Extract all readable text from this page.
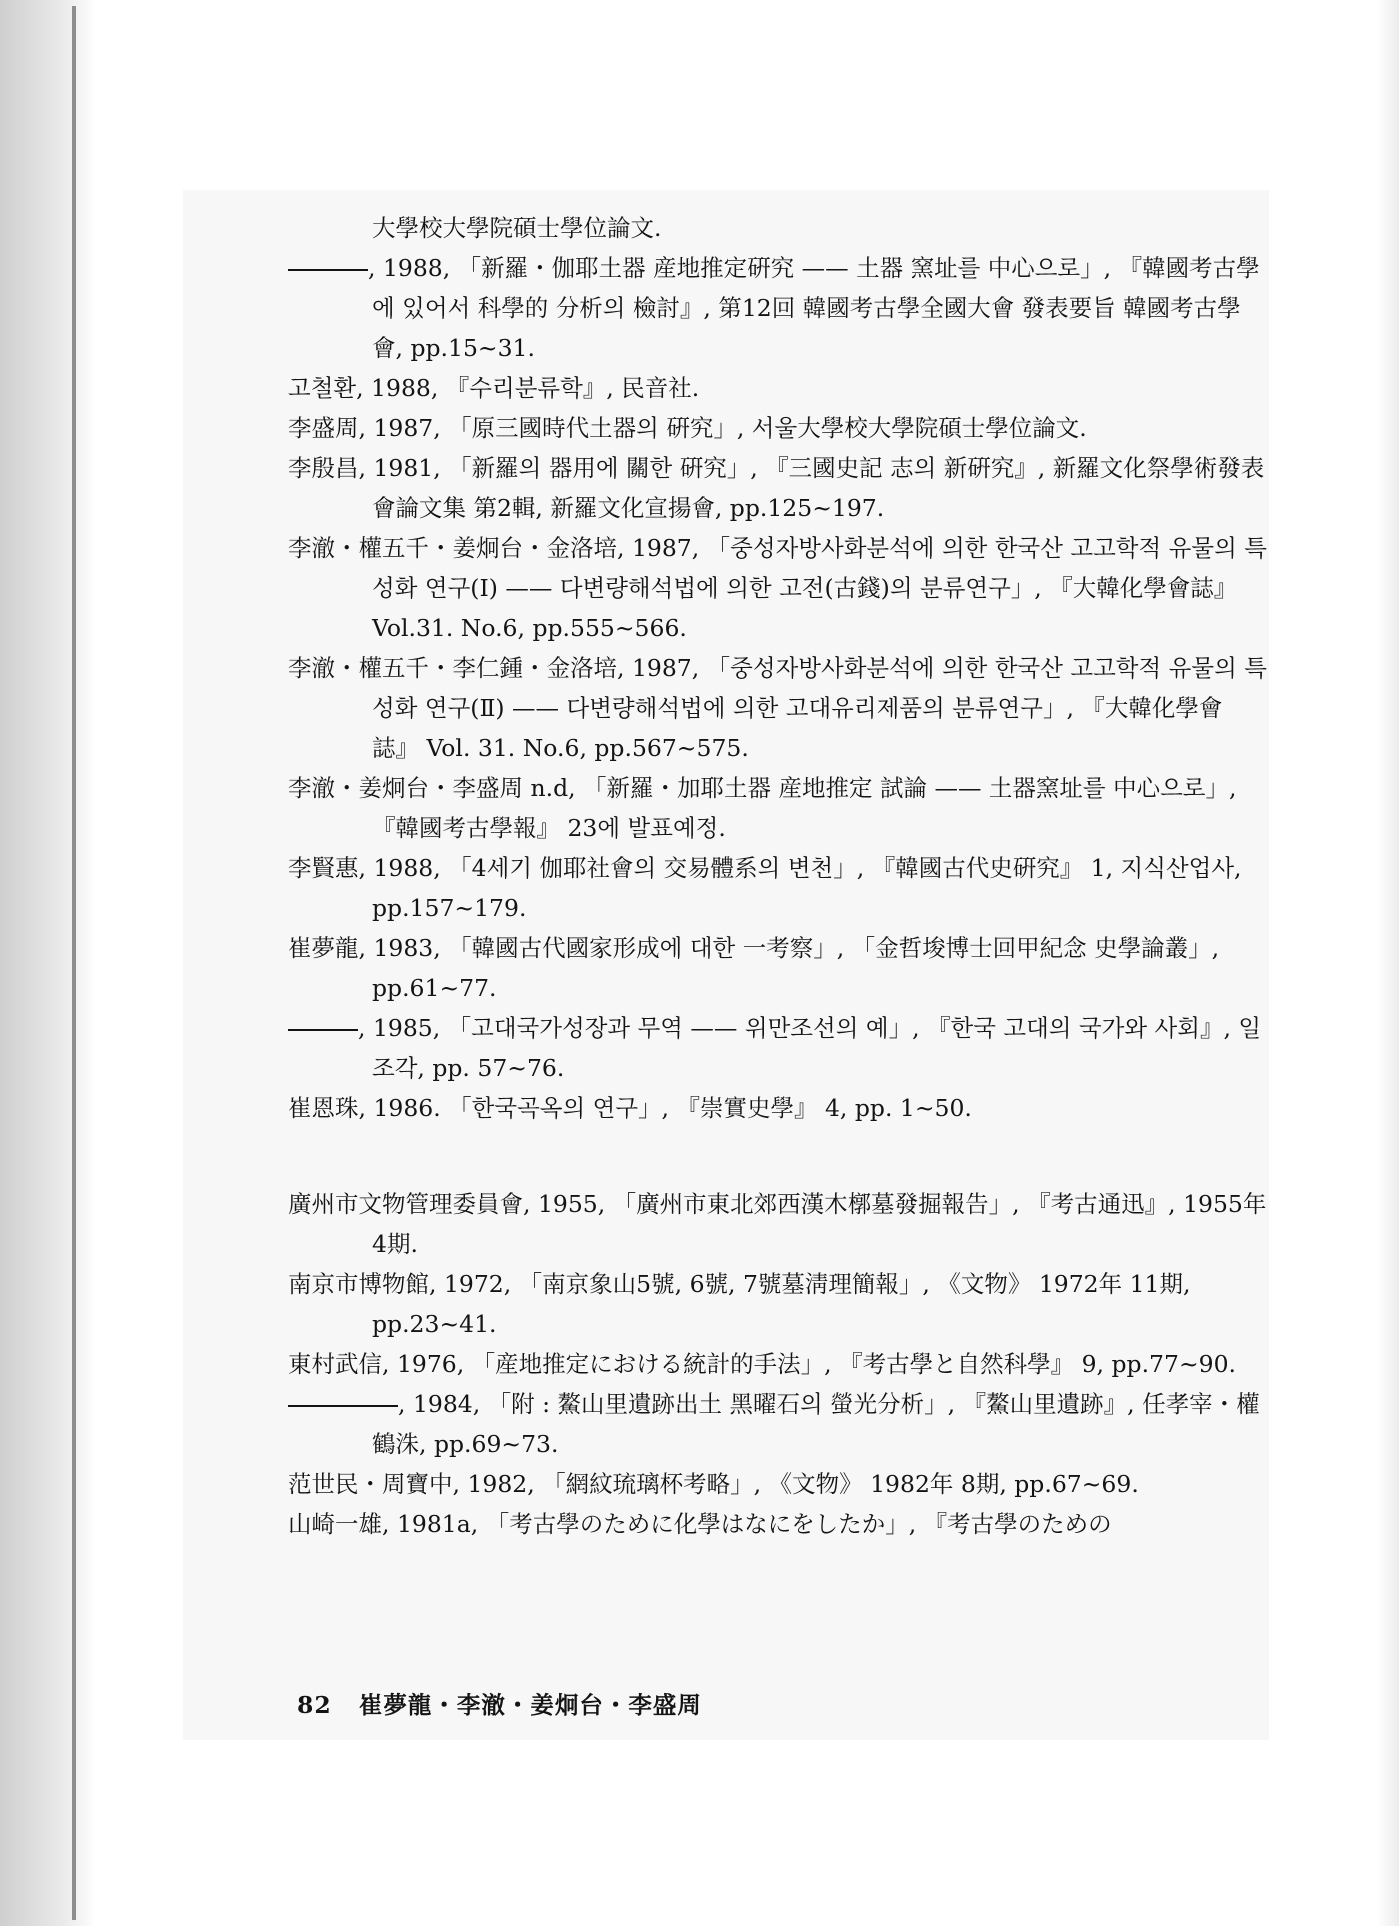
大學校大學院碩士學位論文.
, 1988, 「新羅・伽耶土器 産地推定硏究 —— 土器 窯址를 中心으로」, 『韓國考古學에 있어서 科學的 分析의 檢討』, 第12回 韓國考古學全國大會 發表要旨 韓國考古學會, pp.15~31.
고철환, 1988, 『수리분류학』, 民音社.
李盛周, 1987, 「原三國時代土器의 硏究」, 서울大學校大學院碩士學位論文.
李殷昌, 1981, 「新羅의 器用에 關한 硏究」, 『三國史記 志의 新硏究』, 新羅文化祭學術發表會論文集 第2輯, 新羅文化宣揚會, pp.125~197.
李澈・權五千・姜炯台・金洛培, 1987, 「중성자방사화분석에 의한 한국산 고고학적 유물의 특성화 연구(Ⅰ) —— 다변량해석법에 의한 고전(古錢)의 분류연구」, 『大韓化學會誌』 Vol.31. No.6, pp.555~566.
李澈・權五千・李仁鍾・金洛培, 1987, 「중성자방사화분석에 의한 한국산 고고학적 유물의 특성화 연구(Ⅱ) —— 다변량해석법에 의한 고대유리제품의 분류연구」, 『大韓化學會誌』 Vol. 31. No.6, pp.567~575.
李澈・姜炯台・李盛周 n.d, 「新羅・加耶土器 産地推定 試論 —— 土器窯址를 中心으로」, 『韓國考古學報』 23에 발표예정.
李賢惠, 1988, 「4세기 伽耶社會의 交易體系의 변천」, 『韓國古代史硏究』 1, 지식산업사, pp.157~179.
崔夢龍, 1983, 「韓國古代國家形成에 대한 一考察」, 「金哲埈博士回甲紀念 史學論叢」, pp.61~77.
, 1985, 「고대국가성장과 무역 —— 위만조선의 예」, 『한국 고대의 국가와 사회』, 일조각, pp. 57~76.
崔恩珠, 1986. 「한국곡옥의 연구」, 『崇實史學』 4, pp. 1~50.
廣州市文物管理委員會, 1955, 「廣州市東北郊西漢木槨墓發掘報告」, 『考古通迅』, 1955年 4期.
南京市博物館, 1972, 「南京象山5號, 6號, 7號墓淸理簡報」, 《文物》 1972年 11期, pp.23~41.
東村武信, 1976, 「産地推定における統計的手法」, 『考古學と自然科學』 9, pp.77~90.
, 1984, 「附 : 鰲山里遺跡出土 黑曜石의 螢光分析」, 『鰲山里遺跡』, 任孝宰・權鶴洙, pp.69~73.
范世民・周寶中, 1982, 「網紋琉璃杯考略」, 《文物》 1982年 8期, pp.67~69.
山崎一雄, 1981a, 「考古學のために化學はなにをしたか」, 『考古學のための
82 崔夢龍・李澈・姜炯台・李盛周
